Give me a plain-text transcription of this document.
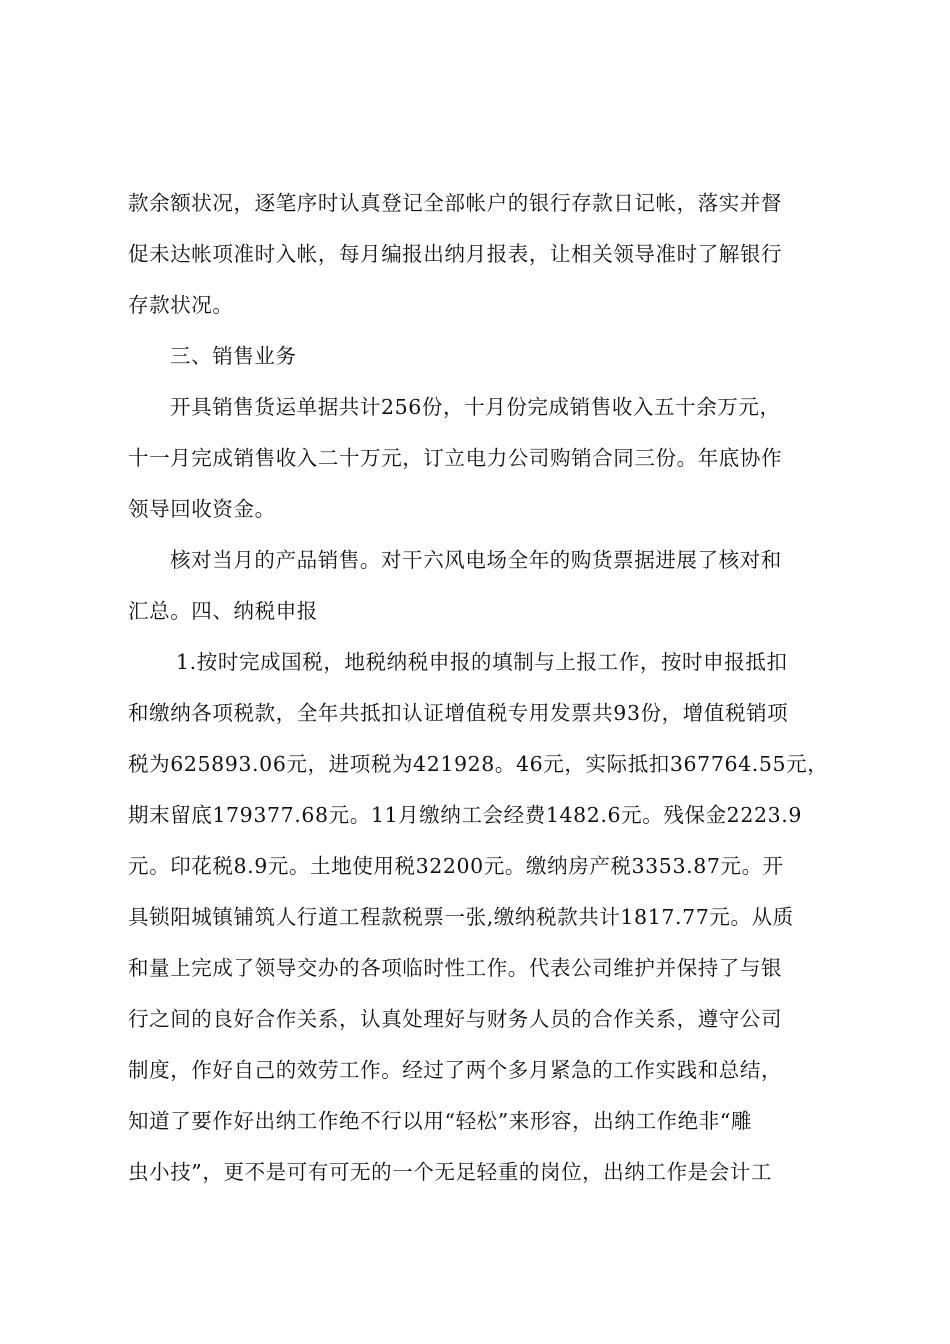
款余额状况，逐笔序时认真登记全部帐户的银行存款日记帐，落实并督
促未达帐项准时入帐，每月编报出纳月报表，让相关领导准时了解银行
存款状况。
三、销售业务
开具销售货运单据共计256份，十月份完成销售收入五十余万元，
十一月完成销售收入二十万元，订立电力公司购销合同三份。年底协作
领导回收资金。
核对当月的产品销售。对干六风电场全年的购货票据进展了核对和
汇总。四、纳税申报
1.按时完成国税，地税纳税申报的填制与上报工作，按时申报抵扣
和缴纳各项税款，全年共抵扣认证增值税专用发票共93份，增值税销项
税为625893.06元，进项税为421928。46元，实际抵扣367764.55元，
期末留底179377.68元。11月缴纳工会经费1482.6元。残保金2223.9
元。印花税8.9元。土地使用税32200元。缴纳房产税3353.87元。开
具锁阳城镇铺筑人行道工程款税票一张,缴纳税款共计1817.77元。从质
和量上完成了领导交办的各项临时性工作。代表公司维护并保持了与银
行之间的良好合作关系，认真处理好与财务人员的合作关系，遵守公司
制度，作好自己的效劳工作。经过了两个多月紧急的工作实践和总结，
知道了要作好出纳工作绝不行以用“轻松”来形容，出纳工作绝非“雕
虫小技”，更不是可有可无的一个无足轻重的岗位，出纳工作是会计工
